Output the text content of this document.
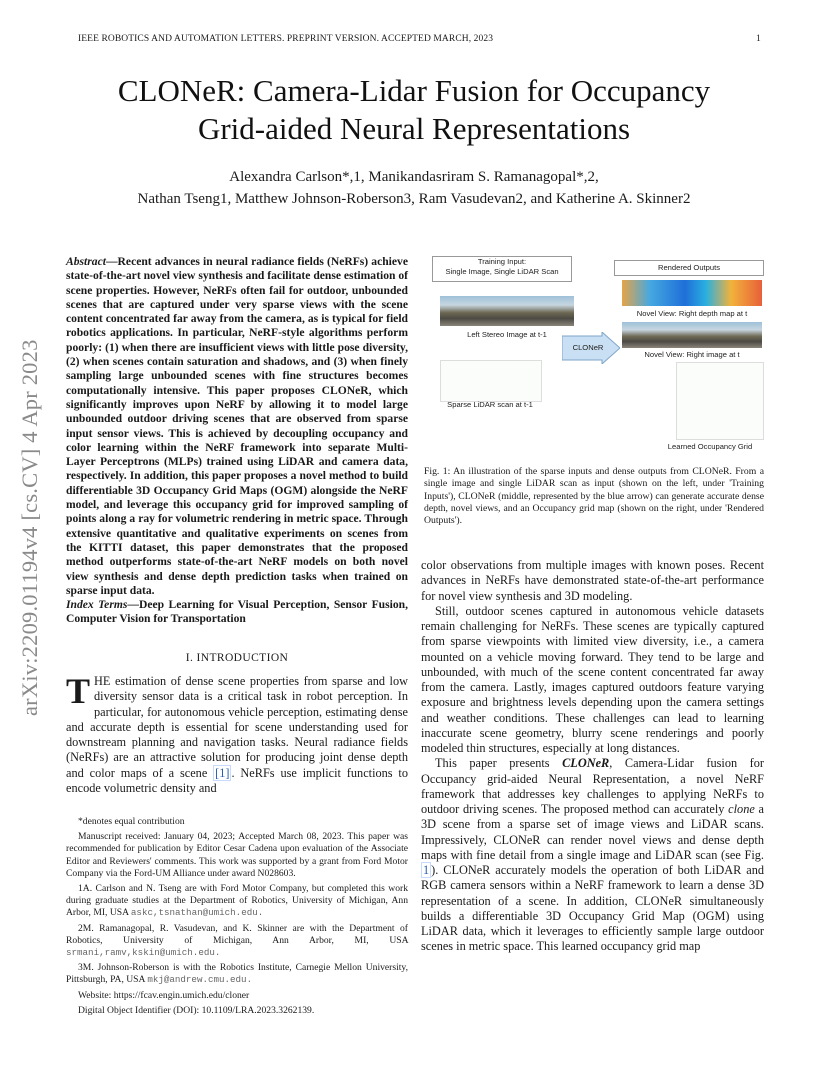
IEEE ROBOTICS AND AUTOMATION LETTERS. PREPRINT VERSION. ACCEPTED MARCH, 2023	1
CLONeR: Camera-Lidar Fusion for Occupancy
Grid-aided Neural Representations
Alexandra Carlson*,1, Manikandasriram S. Ramanagopal*,2,
Nathan Tseng1, Matthew Johnson-Roberson3, Ram Vasudevan2, and Katherine A. Skinner2
arXiv:2209.01194v4 [cs.CV] 4 Apr 2023
Abstract—Recent advances in neural radiance fields (NeRFs) achieve state-of-the-art novel view synthesis and facilitate dense estimation of scene properties. However, NeRFs often fail for outdoor, unbounded scenes that are captured under very sparse views with the scene content concentrated far away from the camera, as is typical for field robotics applications. In particular, NeRF-style algorithms perform poorly: (1) when there are insufficient views with little pose diversity, (2) when scenes contain saturation and shadows, and (3) when finely sampling large unbounded scenes with fine structures becomes computationally intensive. This paper proposes CLONeR, which significantly improves upon NeRF by allowing it to model large unbounded outdoor driving scenes that are observed from sparse input sensor views. This is achieved by decoupling occupancy and color learning within the NeRF framework into separate Multi-Layer Perceptrons (MLPs) trained using LiDAR and camera data, respectively. In addition, this paper proposes a novel method to build differentiable 3D Occupancy Grid Maps (OGM) alongside the NeRF model, and leverage this occupancy grid for improved sampling of points along a ray for volumetric rendering in metric space. Through extensive quantitative and qualitative experiments on scenes from the KITTI dataset, this paper demonstrates that the proposed method outperforms state-of-the-art NeRF models on both novel view synthesis and dense depth prediction tasks when trained on sparse input data.
Index Terms—Deep Learning for Visual Perception, Sensor Fusion, Computer Vision for Transportation
I. INTRODUCTION
THE estimation of dense scene properties from sparse and low diversity sensor data is a critical task in robot perception. In particular, for autonomous vehicle perception, estimating dense and accurate depth is essential for scene understanding used for downstream planning and navigation tasks. Neural radiance fields (NeRFs) are an attractive solution for producing joint dense depth and color maps of a scene [1] . NeRFs use implicit functions to encode volumetric density and

*denotes equal contribution

Manuscript received: January 04, 2023; Accepted March 08, 2023. This paper was recommended for publication by Editor Cesar Cadena upon evaluation of the Associate Editor and Reviewers' comments. This work was supported by a grant from Ford Motor Company via the Ford-UM Alliance under award N028603.

1A. Carlson and N. Tseng are with Ford Motor Company, but completed this work during graduate studies at the Department of Robotics, University of Michigan, Ann Arbor, MI, USA askc,tsnathan@umich.edu.

2M. Ramanagopal, R. Vasudevan, and K. Skinner are with the Department of Robotics, University of Michigan, Ann Arbor, MI, USA srmani,ramv,kskin@umich.edu.

3M. Johnson-Roberson is with the Robotics Institute, Carnegie Mellon University, Pittsburgh, PA, USA mkj@andrew.cmu.edu.

Website: https://fcav.engin.umich.edu/cloner

Digital Object Identifier (DOI): 10.1109/LRA.2023.3262139.

Training Input:
Single Image, Single LiDAR Scan	Rendered Outputs
Left Stereo Image at t-1
Sparse LiDAR scan at t-1
CLONeR
Novel View: Right depth map at t
Novel View: Right image at t
Learned Occupancy Grid
Fig. 1: An illustration of the sparse inputs and dense outputs from CLONeR. From a single image and single LiDAR scan as input (shown on the left, under 'Training Inputs'), CLONeR (middle, represented by the blue arrow) can generate accurate dense depth, novel views, and an Occupancy grid map (shown on the right, under 'Rendered Outputs').

color observations from multiple images with known poses. Recent advances in NeRFs have demonstrated state-of-the-art performance for novel view synthesis and 3D modeling.

Still, outdoor scenes captured in autonomous vehicle datasets remain challenging for NeRFs. These scenes are typically captured from sparse viewpoints with limited view diversity, i.e., a camera mounted on a vehicle moving forward. They tend to be large and unbounded, with much of the scene content concentrated far away from the camera. Lastly, images captured outdoors feature varying exposure and brightness levels depending upon the camera settings and weather conditions. These challenges can lead to learning inaccurate scene geometry, blurry scene renderings and poorly modeled thin structures, especially at long distances.

This paper presents CLONeR, Camera-Lidar fusion for Occupancy grid-aided Neural Representation, a novel NeRF framework that addresses key challenges to applying NeRFs to outdoor driving scenes. The proposed method can accurately clone a 3D scene from a sparse set of image views and LiDAR scans. Impressively, CLONeR can render novel views and dense depth maps with fine detail from a single image and LiDAR scan (see Fig. 1 ). CLONeR accurately models the operation of both LiDAR and RGB camera sensors within a NeRF framework to learn a dense 3D representation of a scene. In addition, CLONeR simultaneously builds a differentiable 3D Occupancy Grid Map (OGM) using LiDAR data, which it leverages to efficiently sample large outdoor scenes in metric space. This learned occupancy grid map
